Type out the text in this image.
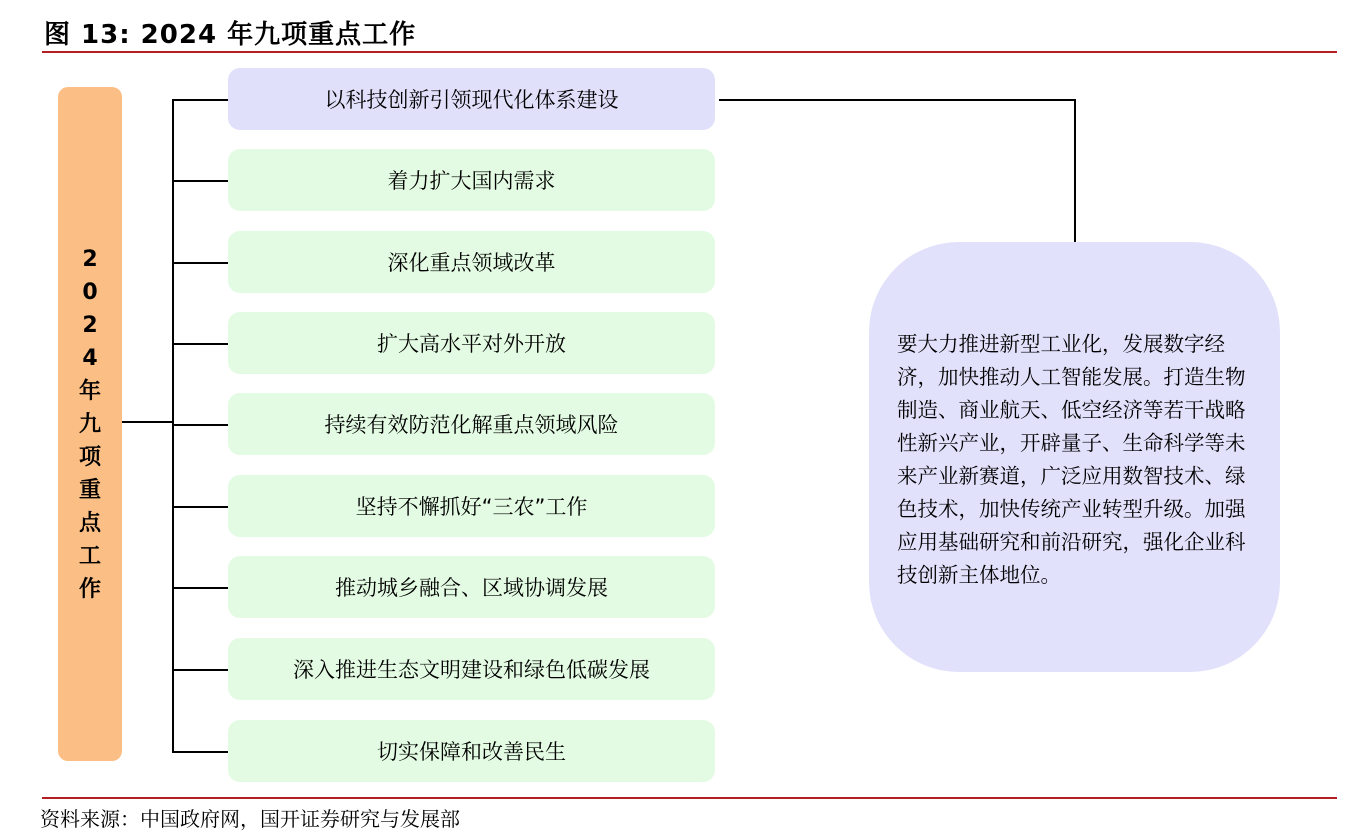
图 13: 2024 年九项重点工作
2024年九项重点工作
以科技创新引领现代化体系建设
着力扩大国内需求
深化重点领域改革
扩大高水平对外开放
持续有效防范化解重点领域风险
坚持不懈抓好“三农”工作
推动城乡融合、区域协调发展
深入推进生态文明建设和绿色低碳发展
切实保障和改善民生
要大力推进新型工业化，发展数字经济，加快推动人工智能发展。打造生物制造、商业航天、低空经济等若干战略性新兴产业，开辟量子、生命科学等未来产业新赛道，广泛应用数智技术、绿色技术，加快传统产业转型升级。加强应用基础研究和前沿研究，强化企业科技创新主体地位。
资料来源：中国政府网，国开证券研究与发展部
